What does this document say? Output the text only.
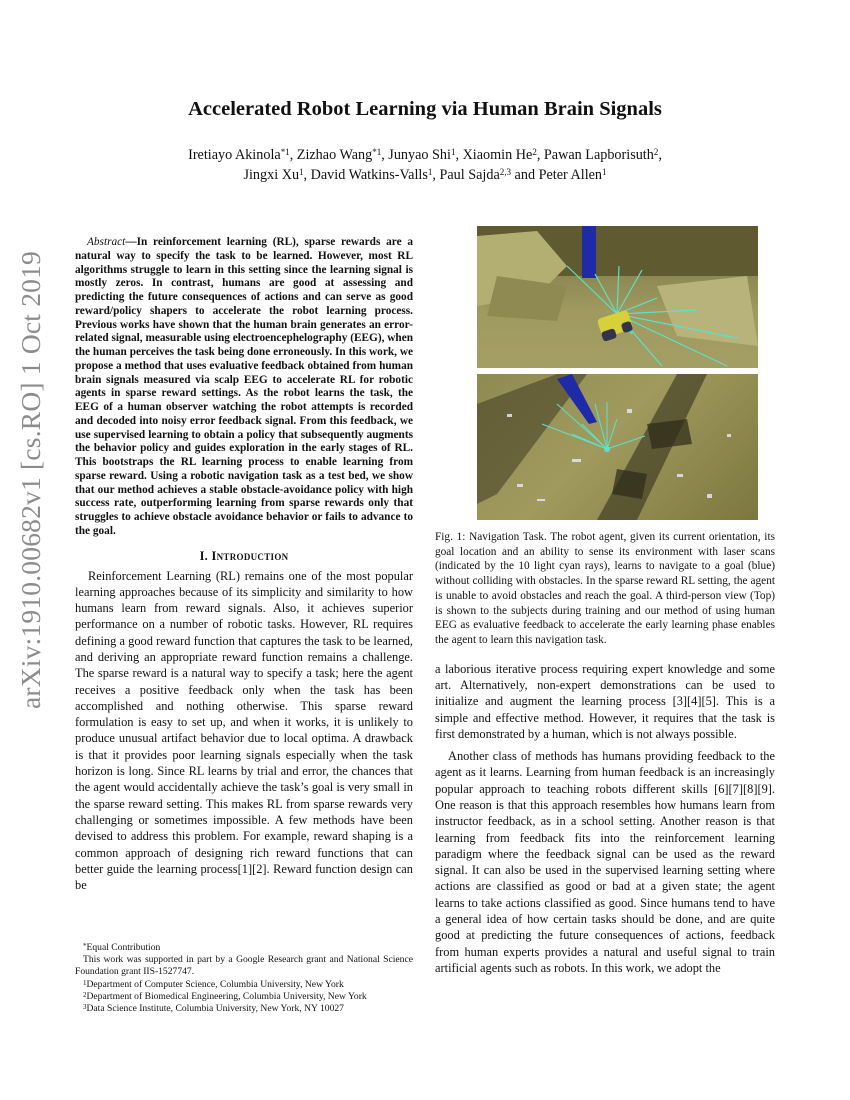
arXiv:1910.00682v1 [cs.RO] 1 Oct 2019
Accelerated Robot Learning via Human Brain Signals
Iretiayo Akinola$^{*1}$, Zizhao Wang$^{*1}$, Junyao Shi$^1$, Xiaomin He$^2$, Pawan Lapborisuth$^2$,
Jingxi Xu$^1$, David Watkins-Valls$^1$, Paul Sajda$^{2,3}$ and Peter Allen$^1$

Abstract—In reinforcement learning (RL), sparse rewards are a natural way to specify the task to be learned. However, most RL algorithms struggle to learn in this setting since the learning signal is mostly zeros. In contrast, humans are good at assessing and predicting the future consequences of actions and can serve as good reward/policy shapers to accelerate the robot learning process. Previous works have shown that the human brain generates an error-related signal, measurable using electroencephelography (EEG), when the human perceives the task being done erroneously. In this work, we propose a method that uses evaluative feedback obtained from human brain signals measured via scalp EEG to accelerate RL for robotic agents in sparse reward settings. As the robot learns the task, the EEG of a human observer watching the robot attempts is recorded and decoded into noisy error feedback signal. From this feedback, we use supervised learning to obtain a policy that subsequently augments the behavior policy and guides exploration in the early stages of RL. This bootstraps the RL learning process to enable learning from sparse reward. Using a robotic navigation task as a test bed, we show that our method achieves a stable obstacle-avoidance policy with high success rate, outperforming learning from sparse rewards only that struggles to achieve obstacle avoidance behavior or fails to advance to the goal.

I. Introduction

Reinforcement Learning (RL) remains one of the most popular learning approaches because of its simplicity and similarity to how humans learn from reward signals. Also, it achieves superior performance on a number of robotic tasks. However, RL requires defining a good reward function that captures the task to be learned, and deriving an appropriate reward function remains a challenge. The sparse reward is a natural way to specify a task; here the agent receives a positive feedback only when the task has been accomplished and nothing otherwise. This sparse reward formulation is easy to set up, and when it works, it is unlikely to produce unusual artifact behavior due to local optima. A drawback is that it provides poor learning signals especially when the task horizon is long. Since RL learns by trial and error, the chances that the agent would accidentally achieve the task’s goal is very small in the sparse reward setting. This makes RL from sparse rewards very challenging or sometimes impossible. A few methods have been devised to address this problem. For example, reward shaping is a common approach of designing rich reward functions that can better guide the learning process[1][2]. Reward function design can be

*Equal Contribution

This work was supported in part by a Google Research grant and National Science Foundation grant IIS-1527747.

$^1$Department of Computer Science, Columbia University, New York

$^2$Department of Biomedical Engineering, Columbia University, New York

$^3$Data Science Institute, Columbia University, New York, NY 10027

Fig. 1: Navigation Task. The robot agent, given its current orientation, its goal location and an ability to sense its environment with laser scans (indicated by the 10 light cyan rays), learns to navigate to a goal (blue) without colliding with obstacles. In the sparse reward RL setting, the agent is unable to avoid obstacles and reach the goal. A third-person view (Top) is shown to the subjects during training and our method of using human EEG as evaluative feedback to accelerate the early learning phase enables the agent to learn this navigation task.

a laborious iterative process requiring expert knowledge and some art. Alternatively, non-expert demonstrations can be used to initialize and augment the learning process [3][4][5]. This is a simple and effective method. However, it requires that the task is first demonstrated by a human, which is not always possible.

Another class of methods has humans providing feedback to the agent as it learns. Learning from human feedback is an increasingly popular approach to teaching robots different skills [6][7][8][9]. One reason is that this approach resembles how humans learn from instructor feedback, as in a school setting. Another reason is that learning from feedback fits into the reinforcement learning paradigm where the feedback signal can be used as the reward signal. It can also be used in the supervised learning setting where actions are classified as good or bad at a given state; the agent learns to take actions classified as good. Since humans tend to have a general idea of how certain tasks should be done, and are quite good at predicting the future consequences of actions, feedback from human experts provides a natural and useful signal to train artificial agents such as robots. In this work, we adopt the
